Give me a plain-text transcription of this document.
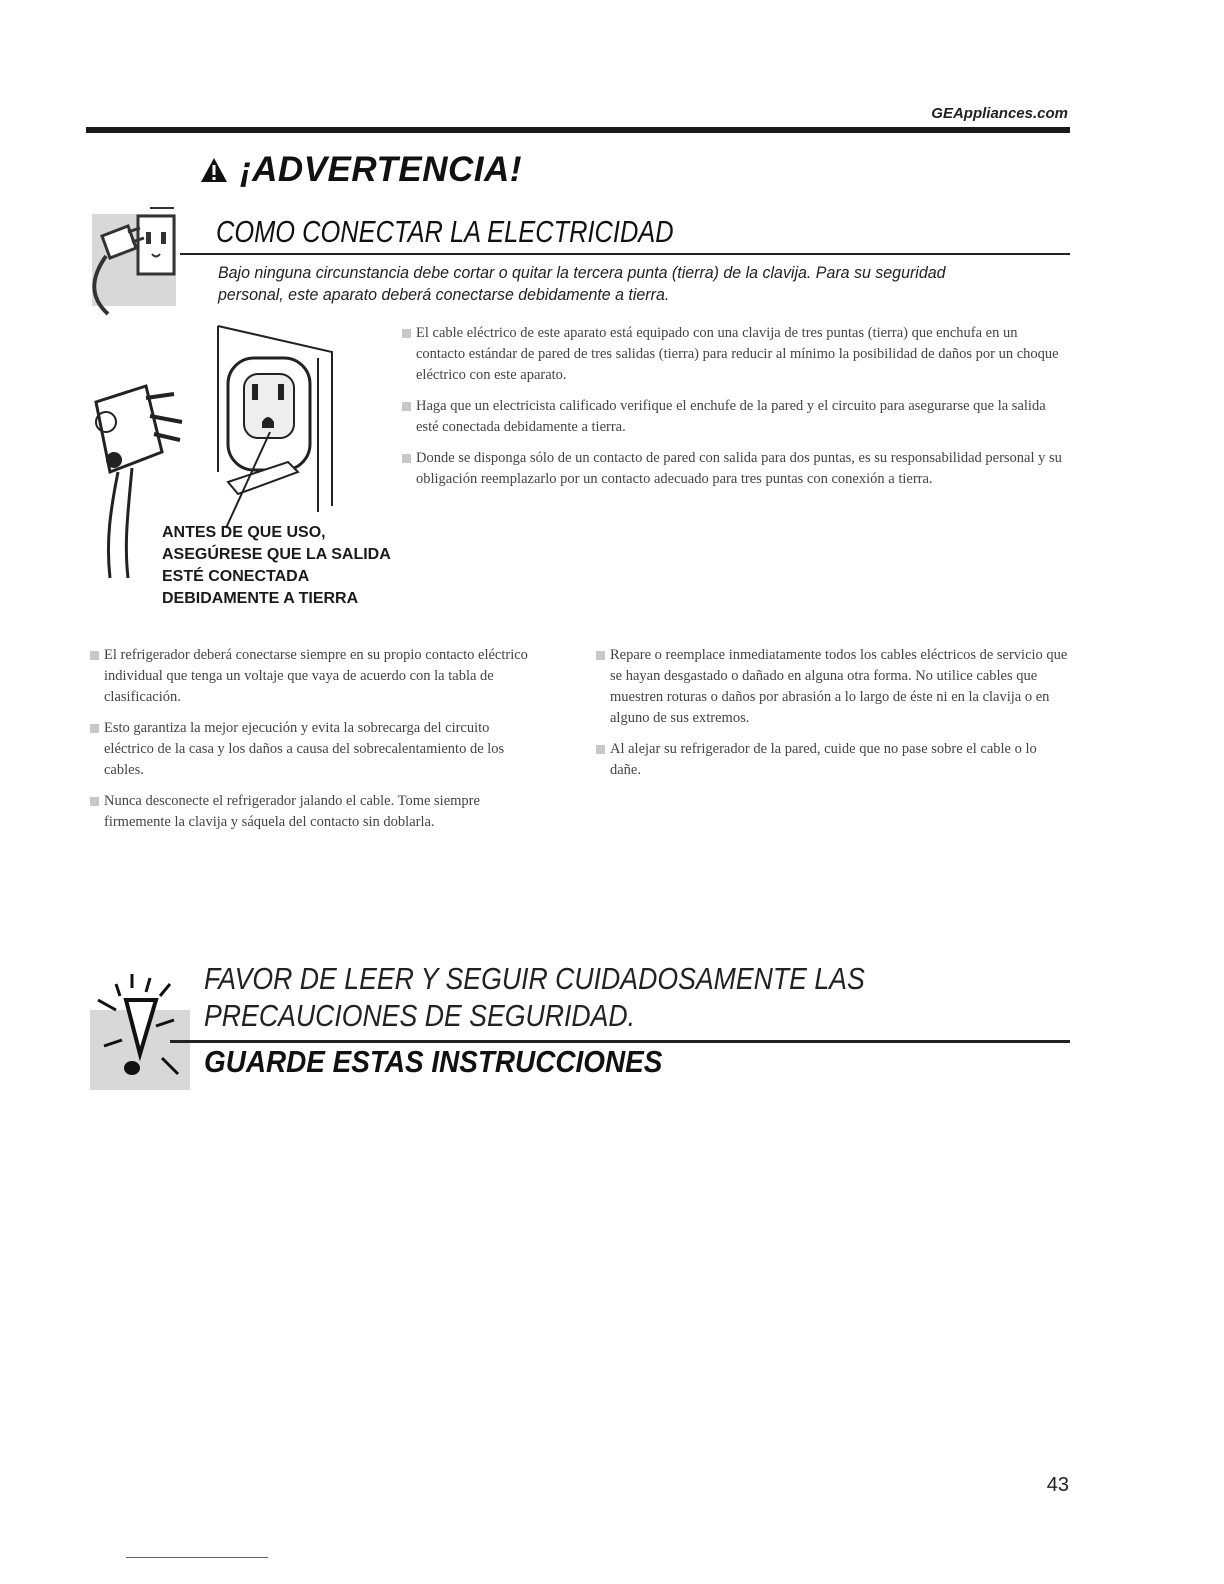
GEAppliances.com
¡ADVERTENCIA!
COMO CONECTAR LA ELECTRICIDAD
Bajo ninguna circunstancia debe cortar o quitar la tercera punta (tierra) de la clavija. Para su seguridad personal, este aparato deberá conectarse debidamente a tierra.
ANTES DE QUE USO,
ASEGÚRESE QUE LA SALIDA
ESTÉ CONECTADA
DEBIDAMENTE A TIERRA

El cable eléctrico de este aparato está equipado con una clavija de tres puntas (tierra) que enchufa en un contacto estándar de pared de tres salidas (tierra) para reducir al mínimo la posibilidad de daños por un choque eléctrico con este aparato.

Haga que un electricista calificado verifique el enchufe de la pared y el circuito para asegurarse que la salida esté conectada debidamente a tierra.

Donde se disponga sólo de un contacto de pared con salida para dos puntas, es su responsabilidad personal y su obligación reemplazarlo por un contacto adecuado para tres puntas con conexión a tierra.

El refrigerador deberá conectarse siempre en su propio contacto eléctrico individual que tenga un voltaje que vaya de acuerdo con la tabla de clasificación.

Esto garantiza la mejor ejecución y evita la sobrecarga del circuito eléctrico de la casa y los daños a causa del sobrecalentamiento de los cables.

Nunca desconecte el refrigerador jalando el cable. Tome siempre firmemente la clavija y sáquela del contacto sin doblarla.

Repare o reemplace inmediatamente todos los cables eléctricos de servicio que se hayan desgastado o dañado en alguna otra forma. No utilice cables que muestren roturas o daños por abrasión a lo largo de éste ni en la clavija o en alguno de sus extremos.

Al alejar su refrigerador de la pared, cuide que no pase sobre el cable o lo dañe.

FAVOR DE LEER Y SEGUIR CUIDADOSAMENTE LAS PRECAUCIONES DE SEGURIDAD.
GUARDE ESTAS INSTRUCCIONES
43
